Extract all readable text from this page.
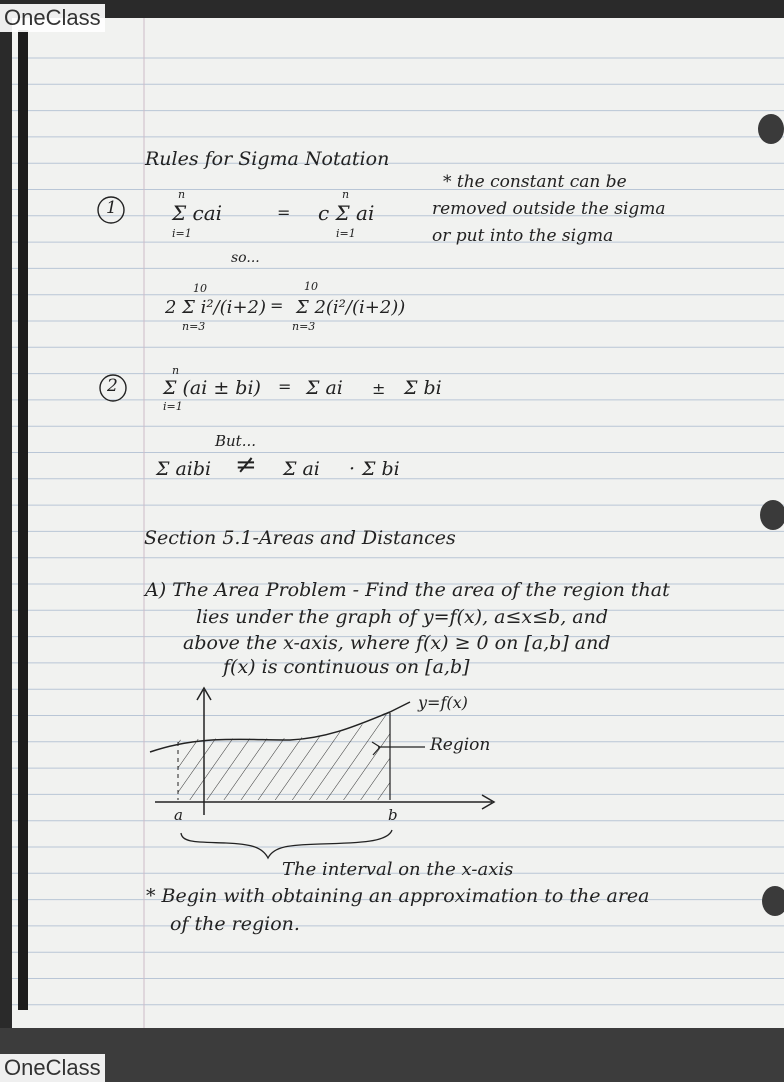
OneClass
OneClass
Rules for Sigma Notation
1
n
Σ cai
i=1
=
n
c Σ ai
i=1
* the constant can be
removed outside the sigma
or put into the sigma
so...
10
2 Σ i²/(i+2)
n=3
=
10
Σ 2(i²/(i+2))
n=3
2
n
Σ (ai ± bi)
i=1
= Σ ai ± Σ bi
But...
Σ aibi ≠ Σ ai · Σ bi
Section 5.1-Areas and Distances
A) The Area Problem - Find the area of the region that
lies under the graph of y=f(x), a≤x≤b, and
above the x-axis, where f(x) ≥ 0 on [a,b] and
f(x) is continuous on [a,b]
y=f(x)
Region
a	b
The interval on the x-axis
* Begin with obtaining an approximation to the area
of the region.
